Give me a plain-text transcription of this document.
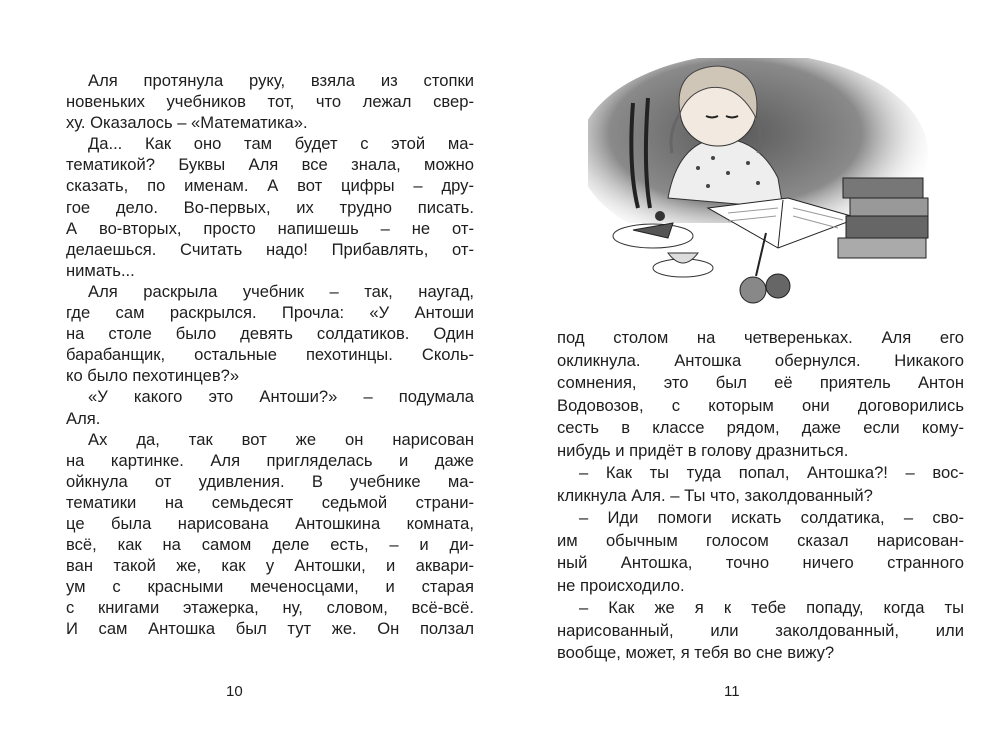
Аля протянула руку, взяла из стопки
новеньких учебников тот, что лежал свер-
ху. Оказалось – «Математика».
Да... Как оно там будет с этой ма-
тематикой? Буквы Аля все знала, можно
сказать, по именам. А вот цифры – дру-
гое дело. Во-первых, их трудно писать.
А во-вторых, просто напишешь – не от-
делаешься. Считать надо! Прибавлять, от-
нимать...
Аля раскрыла учебник – так, наугад,
где сам раскрылся. Прочла: «У Антоши
на столе было девять солдатиков. Один
барабанщик, остальные пехотинцы. Сколь-
ко было пехотинцев?»
«У какого это Антоши?» – подумала
Аля.
Ах да, так вот же он нарисован
на картинке. Аля пригляделась и даже
ойкнула от удивления. В учебнике ма-
тематики на семьдесят седьмой страни-
це была нарисована Антошкина комната,
всё, как на самом деле есть, – и ди-
ван такой же, как у Антошки, и аквари-
ум с красными меченосцами, и старая
с книгами этажерка, ну, словом, всё-всё.
И сам Антошка был тут же. Он ползал
10
под столом на четвереньках. Аля его
окликнула. Антошка обернулся. Никакого
сомнения, это был её приятель Антон
Водовозов, с которым они договорились
сесть в классе рядом, даже если кому-
нибудь и придёт в голову дразниться.
– Как ты туда попал, Антошка?! – вос-
кликнула Аля. – Ты что, заколдованный?
– Иди помоги искать солдатика, – сво-
им обычным голосом сказал нарисован-
ный Антошка, точно ничего странного
не происходило.
– Как же я к тебе попаду, когда ты
нарисованный, или заколдованный, или
вообще, может, я тебя во сне вижу?
11
